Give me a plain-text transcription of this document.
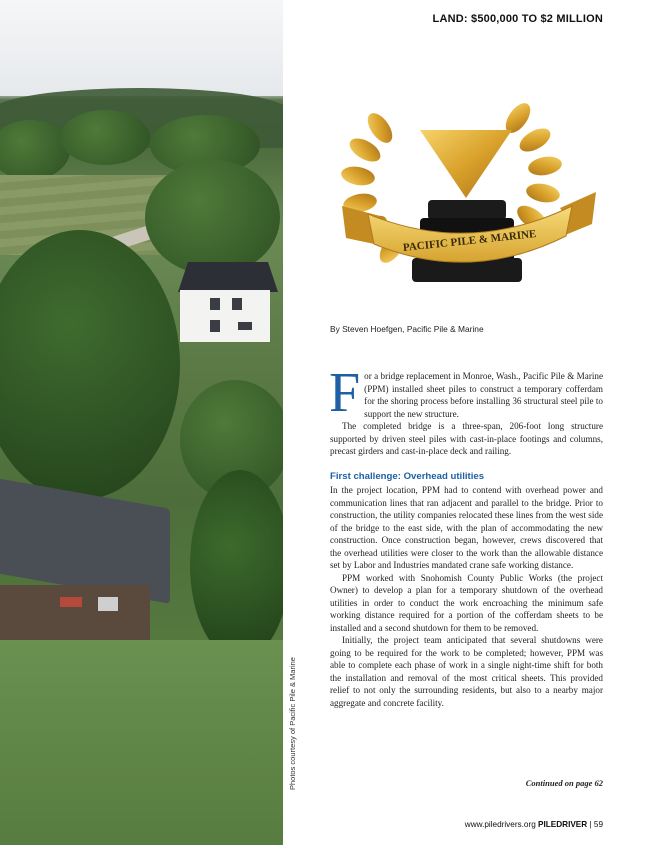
Photos courtesy of Pacific Pile & Marine
LAND: $500,000 TO $2 MILLION
PACIFIC PILE & MARINE
By Steven Hoefgen, Pacific Pile & Marine

For a bridge replacement in Monroe, Wash., Pacific Pile & Marine (PPM) installed sheet piles to construct a temporary cofferdam for the shoring process before installing 36 structural steel pile to support the new structure.

The completed bridge is a three-span, 206-foot long structure supported by driven steel piles with cast-in-place footings and columns, precast girders and cast-in-place deck and railing.

First challenge: Overhead utilities

In the project location, PPM had to contend with overhead power and communication lines that ran adjacent and parallel to the bridge. Prior to construction, the utility companies relocated these lines from the west side of the bridge to the east side, with the plan of accommodating the new construction. Once construction began, however, crews discovered that the overhead utilities were closer to the work than the allowable distance set by Labor and Industries mandated crane safe working distance.

PPM worked with Snohomish County Public Works (the project Owner) to develop a plan for a temporary shutdown of the overhead utilities in order to conduct the work encroaching the minimum safe working distance required for a portion of the cofferdam sheets to be installed and a second shutdown for them to be removed.

Initially, the project team anticipated that several shutdowns were going to be required for the work to be completed; however, PPM was able to complete each phase of work in a single night-time shift for both the installation and removal of the most critical sheets. This provided relief to not only the surrounding residents, but also to a nearby major aggregate and concrete facility.

Continued on page 62
www.piledrivers.org PILEDRIVER | 59
